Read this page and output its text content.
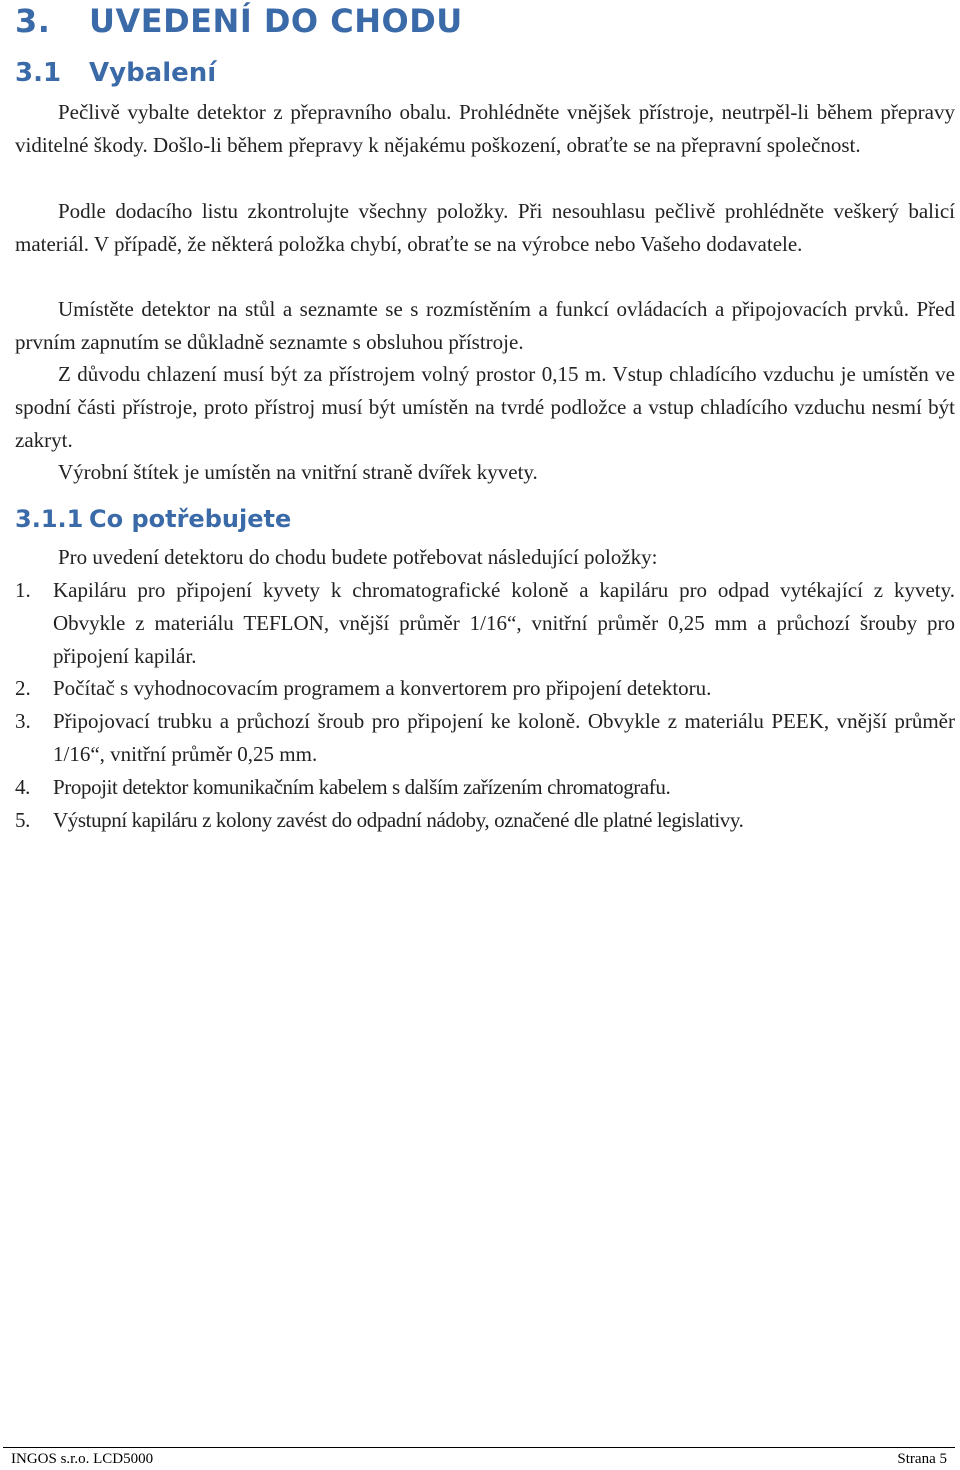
3. UVEDENÍ DO CHODU
3.1 Vybalení

Pečlivě vybalte detektor z přepravního obalu. Prohlédněte vnějšek přístroje, neutrpěl-li během přepravy viditelné škody. Došlo-li během přepravy k nějakému poškození, obraťte se na přepravní společnost.

Podle dodacího listu zkontrolujte všechny položky. Při nesouhlasu pečlivě prohlédněte veškerý balicí materiál. V případě, že některá položka chybí, obraťte se na výrobce nebo Vašeho dodavatele.

Umístěte detektor na stůl a seznamte se s rozmístěním a funkcí ovládacích a připojovacích prvků. Před prvním zapnutím se důkladně seznamte s obsluhou přístroje.

Z důvodu chlazení musí být za přístrojem volný prostor 0,15 m. Vstup chladícího vzduchu je umístěn ve spodní části přístroje, proto přístroj musí být umístěn na tvrdé podložce a vstup chladícího vzduchu nesmí být zakryt.

Výrobní štítek je umístěn na vnitřní straně dvířek kyvety.

3.1.1 Co potřebujete

Pro uvedení detektoru do chodu budete potřebovat následující položky:

1. Kapiláru pro připojení kyvety k chromatografické koloně a kapiláru pro odpad vytékající z kyvety. Obvykle z materiálu TEFLON, vnější průměr 1/16“, vnitřní průměr 0,25 mm a průchozí šrouby pro připojení kapilár.
2. Počítač s vyhodnocovacím programem a konvertorem pro připojení detektoru.
3. Připojovací trubku a průchozí šroub pro připojení ke koloně. Obvykle z materiálu PEEK, vnější průměr 1/16“, vnitřní průměr 0,25 mm.
4. Propojit detektor komunikačním kabelem s dalším zařízením chromatografu.
5. Výstupní kapiláru z kolony zavést do odpadní nádoby, označené dle platné legislativy.
INGOS s.r.o. LCD5000	Strana 5
